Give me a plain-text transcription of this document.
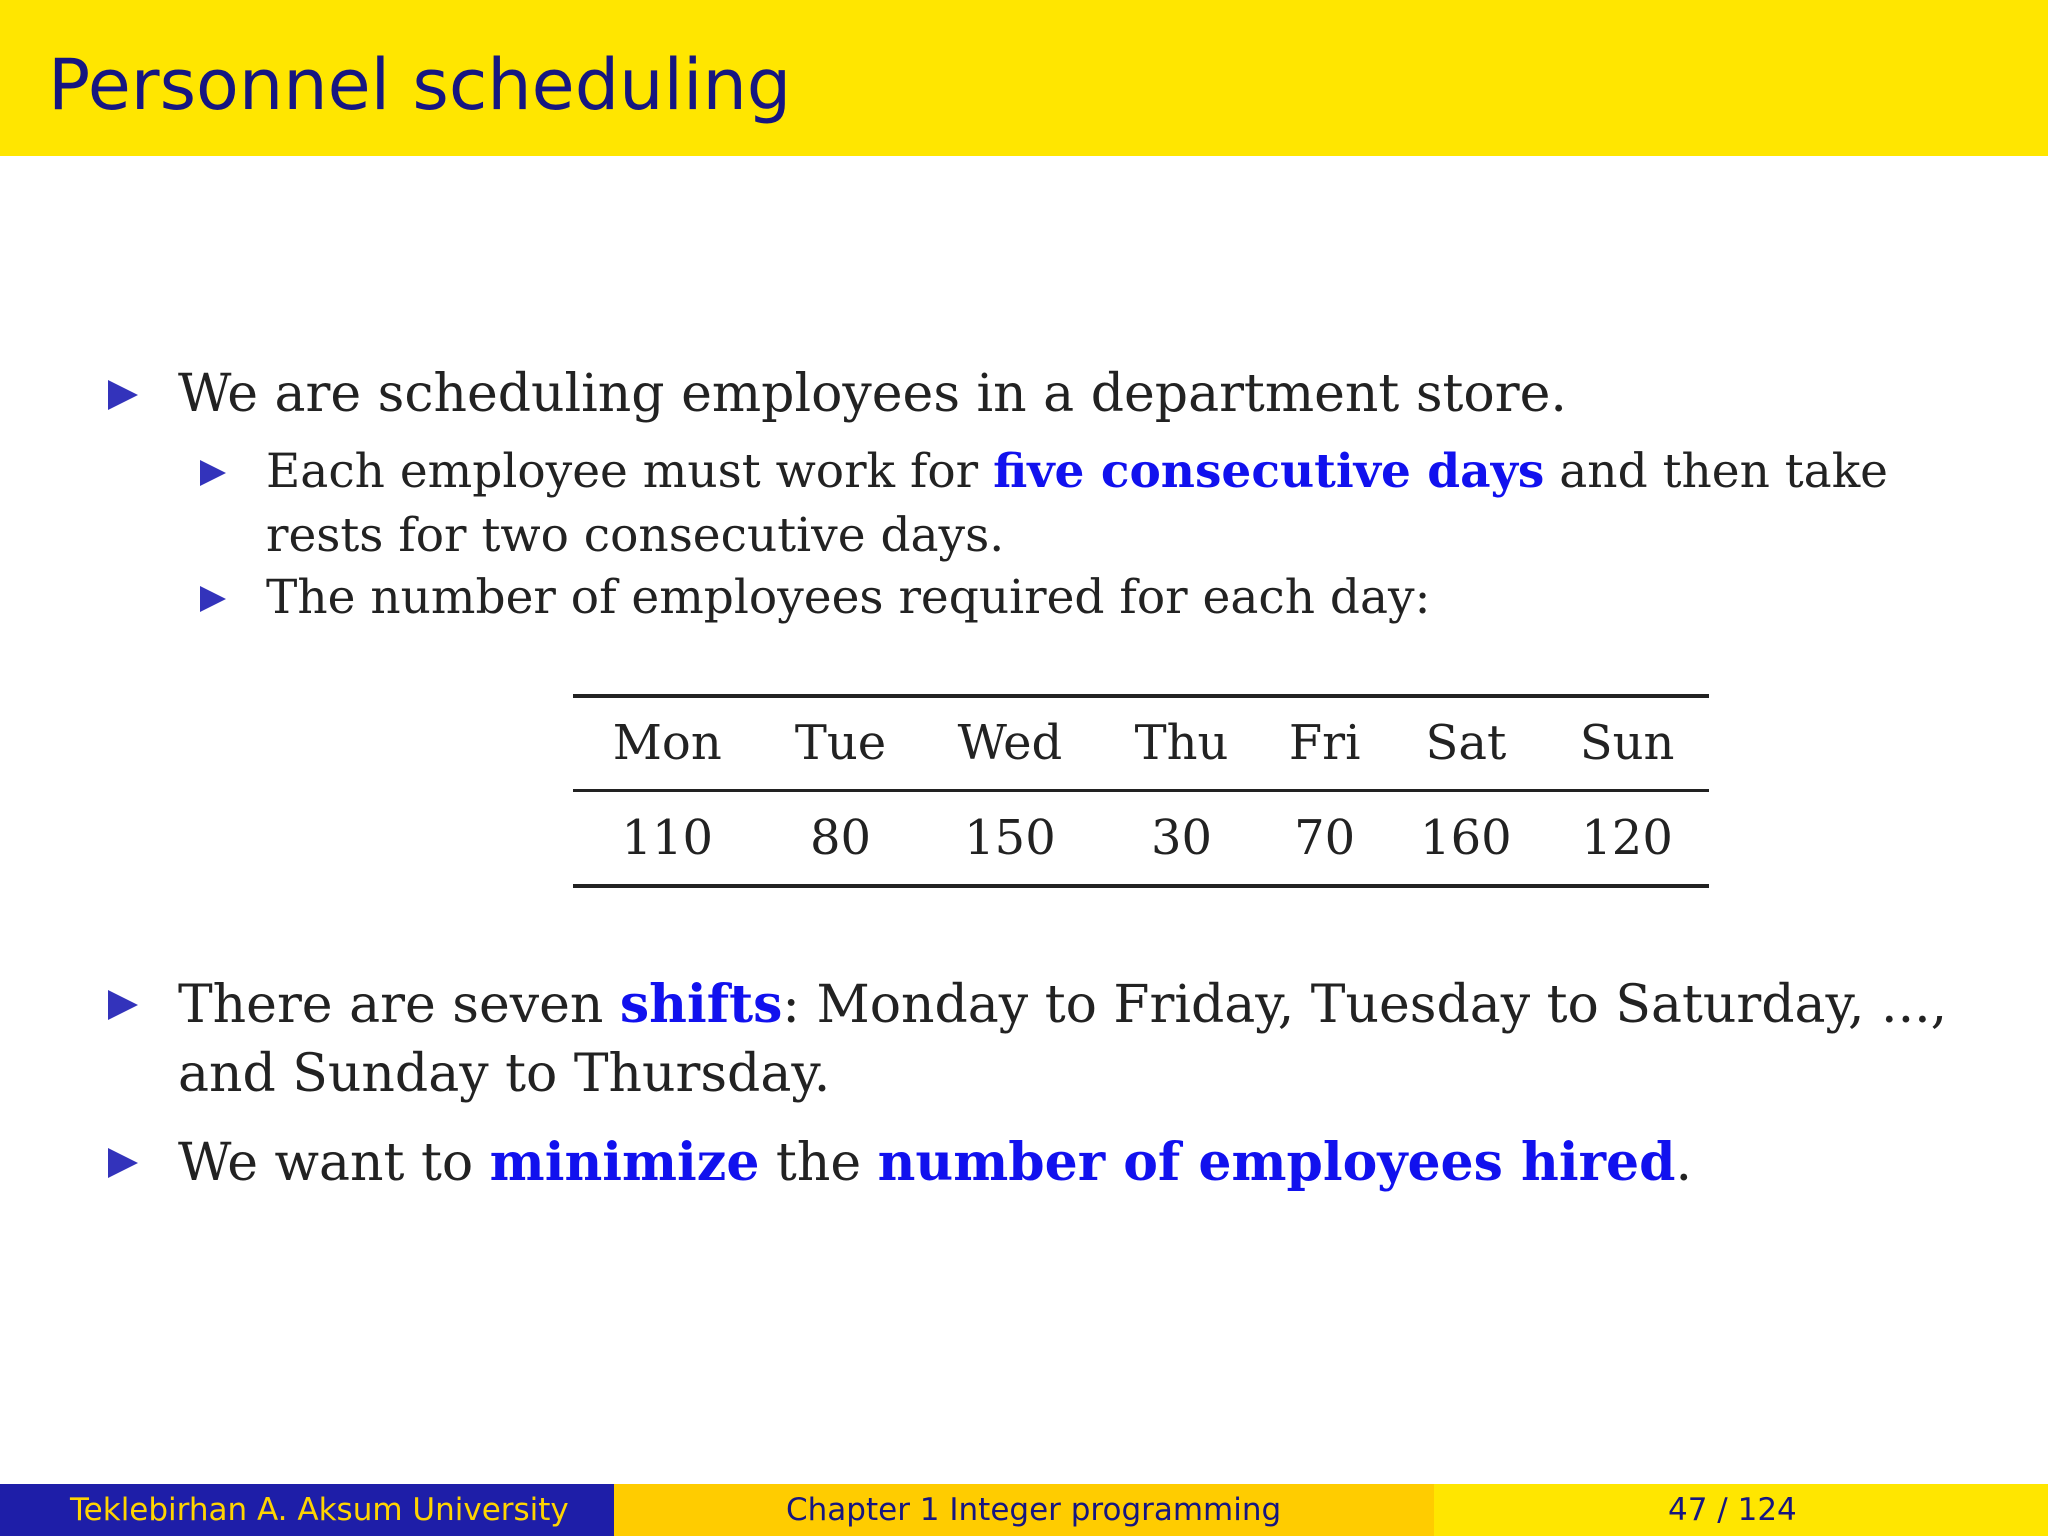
Personnel scheduling
We are scheduling employees in a department store.
Each employee must work for five consecutive days and then take
rests for two consecutive days.
The number of employees required for each day:
Mon	Tue	Wed	Thu	Fri	Sat	Sun
110	80	150	30	70	160	120
There are seven shifts: Monday to Friday, Tuesday to Saturday, ...,
and Sunday to Thursday.
We want to minimize the number of employees hired.
Teklebirhan A. Aksum University	Chapter 1 Integer programming	47 / 124
